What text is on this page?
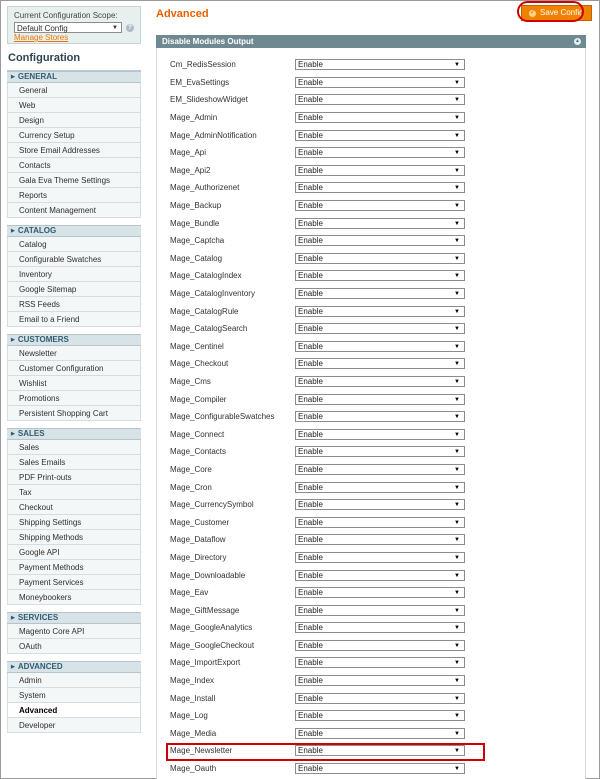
Current Configuration Scope:
Default Config	▼	?
Manage Stores
Configuration
▶ GENERAL
General
Web
Design
Currency Setup
Store Email Addresses
Contacts
Gala Eva Theme Settings
Reports
Content Management
▶ CATALOG
Catalog
Configurable Swatches
Inventory
Google Sitemap
RSS Feeds
Email to a Friend
▶ CUSTOMERS
Newsletter
Customer Configuration
Wishlist
Promotions
Persistent Shopping Cart
▶ SALES
Sales
Sales Emails
PDF Print-outs
Tax
Checkout
Shipping Settings
Shipping Methods
Google API
Payment Methods
Payment Services
Moneybookers
▶ SERVICES
Magento Core API
OAuth
▶ ADVANCED
Admin
System
Advanced
Developer
Advanced	✓ Save Config
Disable Modules Output	▲
Cm_RedisSession	Enable	▼
EM_EvaSettings	Enable	▼
EM_SlideshowWidget	Enable	▼
Mage_Admin	Enable	▼
Mage_AdminNotification	Enable	▼
Mage_Api	Enable	▼
Mage_Api2	Enable	▼
Mage_Authorizenet	Enable	▼
Mage_Backup	Enable	▼
Mage_Bundle	Enable	▼
Mage_Captcha	Enable	▼
Mage_Catalog	Enable	▼
Mage_CatalogIndex	Enable	▼
Mage_CatalogInventory	Enable	▼
Mage_CatalogRule	Enable	▼
Mage_CatalogSearch	Enable	▼
Mage_Centinel	Enable	▼
Mage_Checkout	Enable	▼
Mage_Cms	Enable	▼
Mage_Compiler	Enable	▼
Mage_ConfigurableSwatches	Enable	▼
Mage_Connect	Enable	▼
Mage_Contacts	Enable	▼
Mage_Core	Enable	▼
Mage_Cron	Enable	▼
Mage_CurrencySymbol	Enable	▼
Mage_Customer	Enable	▼
Mage_Dataflow	Enable	▼
Mage_Directory	Enable	▼
Mage_Downloadable	Enable	▼
Mage_Eav	Enable	▼
Mage_GiftMessage	Enable	▼
Mage_GoogleAnalytics	Enable	▼
Mage_GoogleCheckout	Enable	▼
Mage_ImportExport	Enable	▼
Mage_Index	Enable	▼
Mage_Install	Enable	▼
Mage_Log	Enable	▼
Mage_Media	Enable	▼
Mage_Newsletter	Enable	▼
Mage_Oauth	Enable	▼
